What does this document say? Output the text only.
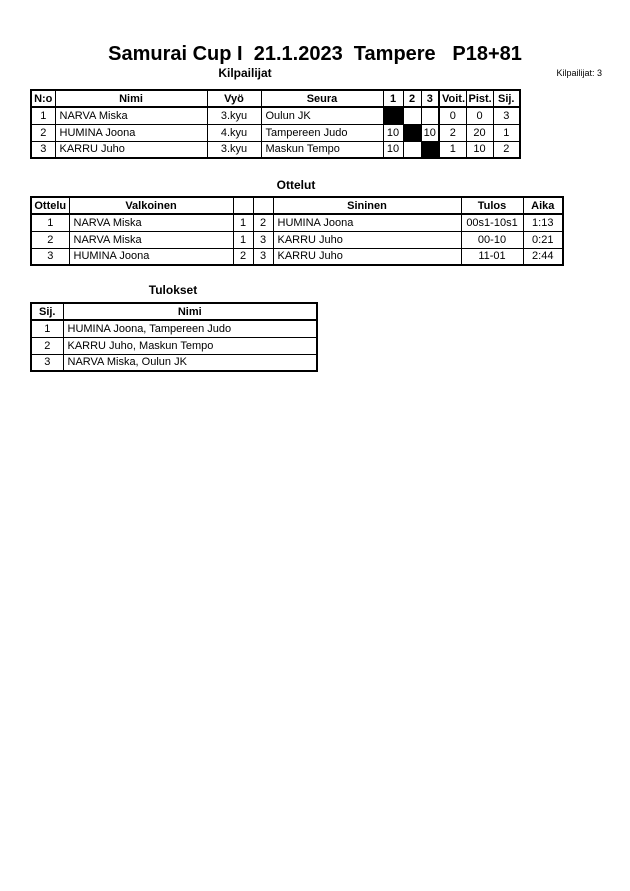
Samurai Cup I  21.1.2023  Tampere   P18+81
Kilpailijat: 3
Kilpailijat
N:o	Nimi	Vyö	Seura	1	2	3	Voit.	Pist.	Sij.
1	NARVA Miska	3.kyu	Oulun JK				0	0	3
2	HUMINA Joona	4.kyu	Tampereen Judo	10		10	2	20	1
3	KARRU Juho	3.kyu	Maskun Tempo	10			1	10	2
Ottelut
Ottelu	Valkoinen			Sininen	Tulos	Aika
1	NARVA Miska	1	2	HUMINA Joona	00s1-10s1	1:13
2	NARVA Miska	1	3	KARRU Juho	00-10	0:21
3	HUMINA Joona	2	3	KARRU Juho	11-01	2:44
Tulokset
Sij.	Nimi
1	HUMINA Joona, Tampereen Judo
2	KARRU Juho, Maskun Tempo
3	NARVA Miska, Oulun JK
